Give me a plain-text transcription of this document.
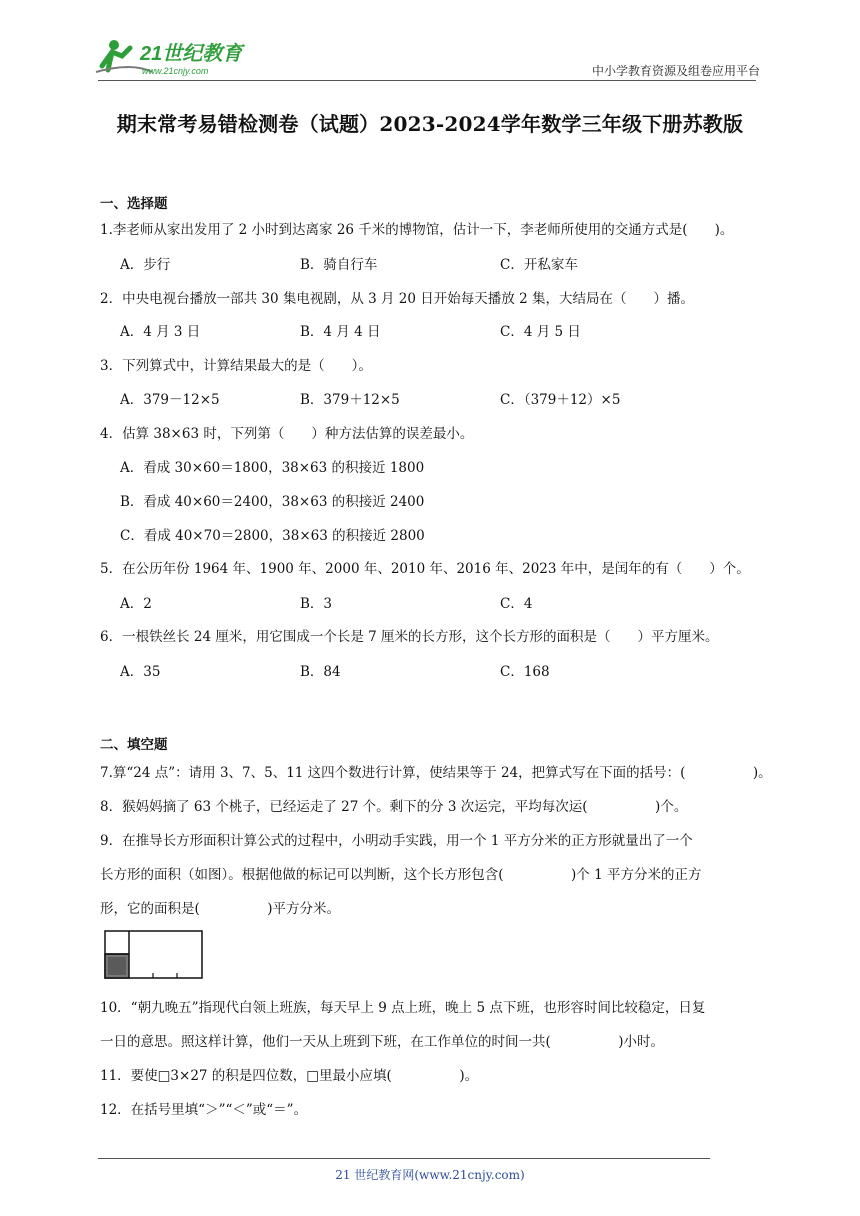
21世纪教育
www.21cnjy.com	中小学教育资源及组卷应用平台
期末常考易错检测卷（试题）2023-2024学年数学三年级下册苏教版
一、选择题
1.李老师从家出发用了 2 小时到达离家 26 千米的博物馆，估计一下，李老师所使用的交通方式是(　　)。
A．步行	B．骑自行车	C．开私家车
2．中央电视台播放一部共 30 集电视剧，从 3 月 20 日开始每天播放 2 集，大结局在（　　）播。
A．4 月 3 日	B．4 月 4 日	C．4 月 5 日
3．下列算式中，计算结果最大的是（　　）。
A．379－12×5	B．379＋12×5	C．（379＋12）×5
4．估算 38×63 时，下列第（　　）种方法估算的误差最小。
A．看成 30×60＝1800，38×63 的积接近 1800
B．看成 40×60＝2400，38×63 的积接近 2400
C．看成 40×70＝2800，38×63 的积接近 2800
5．在公历年份 1964 年、1900 年、2000 年、2010 年、2016 年、2023 年中，是闰年的有（　　）个。
A．2	B．3	C．4
6．一根铁丝长 24 厘米，用它围成一个长是 7 厘米的长方形，这个长方形的面积是（　　）平方厘米。
A．35	B．84	C．168
二、填空题
7.算“24 点”：请用 3、7、5、11 这四个数进行计算，使结果等于 24，把算式写在下面的括号：(　　　　　)。
8．猴妈妈摘了 63 个桃子，已经运走了 27 个。剩下的分 3 次运完，平均每次运(　　　　　)个。
9．在推导长方形面积计算公式的过程中，小明动手实践，用一个 1 平方分米的正方形就量出了一个
长方形的面积（如图）。根据他做的标记可以判断，这个长方形包含(　　　　　)个 1 平方分米的正方
形，它的面积是(　　　　　)平方分米。
10．“朝九晚五”指现代白领上班族，每天早上 9 点上班，晚上 5 点下班，也形容时间比较稳定，日复
一日的意思。照这样计算，他们一天从上班到下班，在工作单位的时间一共(　　　　　)小时。
11．要使□3×27 的积是四位数，□里最小应填(　　　　　)。
12．在括号里填“＞”“＜”或“＝”。
21 世纪教育网(www.21cnjy.com)
